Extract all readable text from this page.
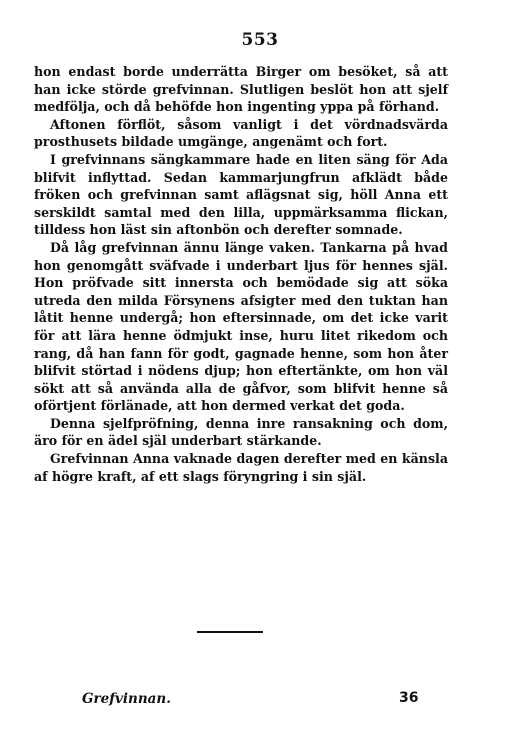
553

hon endast borde underrätta Birger om besöket, så att han icke störde grefvinnan. Slutligen beslöt hon att sjelf medfölja, och då behöfde hon ingenting yppa på förhand.

Aftonen förflöt, såsom vanligt i det vördnadsvärda prosthusets bildade umgänge, angenämt och fort.

I grefvinnans sängkammare hade en liten säng för Ada blifvit inflyttad. Sedan kammarjungfrun afklädt både fröken och grefvinnan samt aflägsnat sig, höll Anna ett serskildt samtal med den lilla, uppmärksamma flickan, tilldess hon läst sin aftonbön och derefter somnade.

Då låg grefvinnan ännu länge vaken. Tankarna på hvad hon genomgått sväfvade i underbart ljus för hennes själ. Hon pröfvade sitt innersta och bemödade sig att söka utreda den milda Försynens afsigter med den tuktan han låtit henne undergå; hon eftersinnade, om det icke varit för att lära henne ödmjukt inse, huru litet rikedom och rang, då han fann för godt, gagnade henne, som hon åter blifvit störtad i nödens djup; hon eftertänkte, om hon väl sökt att så använda alla de gåfvor, som blifvit henne så oförtjent förlänade, att hon dermed verkat det goda.

Denna sjelfpröfning, denna inre ransakning och dom, äro för en ädel själ underbart stärkande.

Grefvinnan Anna vaknade dagen derefter med en känsla af högre kraft, af ett slags föryngring i sin själ.

Grefvinnan.	36
